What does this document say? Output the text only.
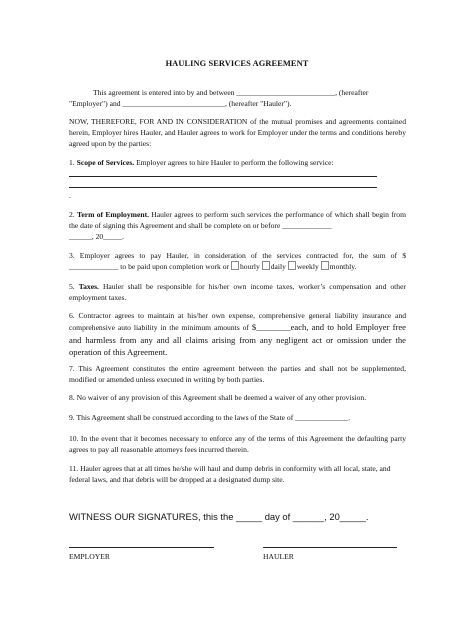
HAULING SERVICES AGREEMENT
This agreement is entered into by and between __________________________, (hereafter
"Employer") and ___________________________, (hereafter "Hauler").
NOW, THEREFORE, FOR AND IN CONSIDERATION of the mutual promises and agreements contained herein, Employer hires Hauler, and Hauler agrees to work for Employer under the terms and conditions hereby agreed upon by the parties:
1. Scope of Services. Employer agrees to hire Hauler to perform the following service:
.
2. Term of Employment. Hauler agrees to perform such services the performance of which shall begin from the date of signing this Agreement and shall be complete on or before _____________
______, 20_____.
3. Employer agrees to pay Hauler, in consideration of the services contracted for, the sum of $
_____________ to be paid upon completion work or hourly daily weekly monthly.
5. Taxes. Hauler shall be responsible for his/her own income taxes, worker’s compensation and other employment taxes.
6. Contractor agrees to maintain at his/her own expense, comprehensive general liability insurance and comprehensive auto liability in the minimum amounts of $________each, and to hold Employer free and harmless from any and all claims arising from any negligent act or omission under the operation of this Agreement.
7. This Agreement constitutes the entire agreement between the parties and shall not be supplemented, modified or amended unless executed in writing by both parties.
8. No waiver of any provision of this Agreement shall be deemed a waiver of any other provision.
9. This Agreement shall be construed according to the laws of the State of ______________.
10. In the event that it becomes necessary to enforce any of the terms of this Agreement the defaulting party agrees to pay all reasonable attorneys fees incurred therein.
11. Hauler agrees that at all times he/she will haul and dump debris in conformity with all local, state, and federal laws, and that debris will be dropped at a designated dump site.
WITNESS OUR SIGNATURES, this the _____ day of ______, 20_____.
EMPLOYER	HAULER
